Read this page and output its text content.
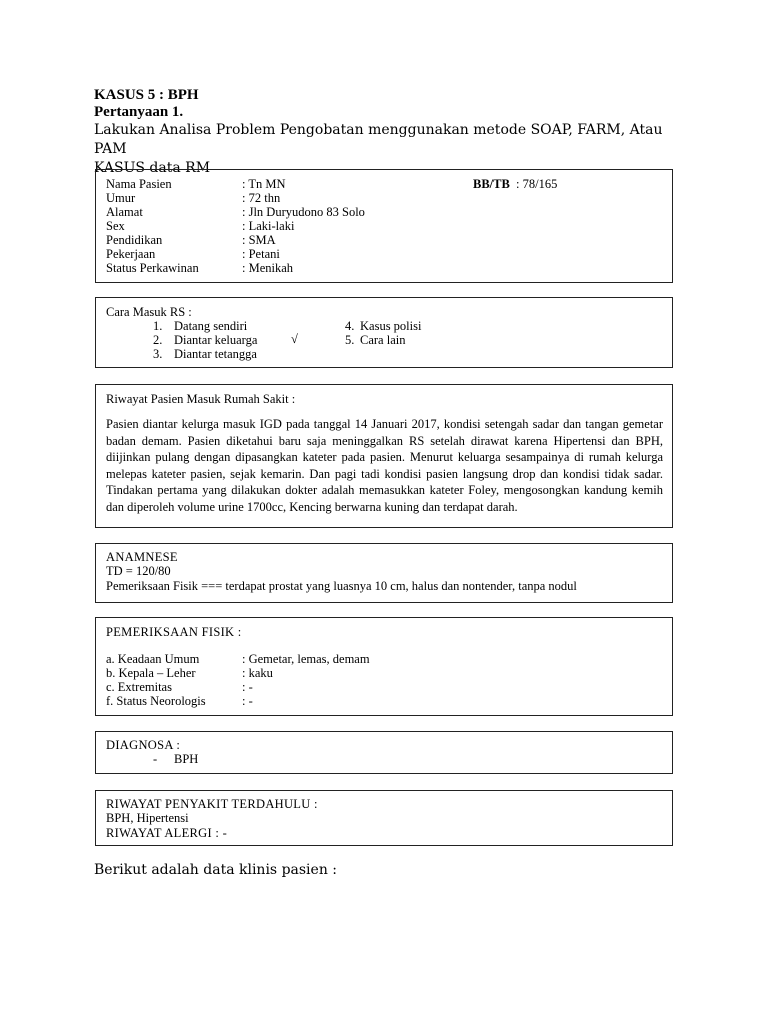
KASUS 5 : BPH
Pertanyaan 1.
Lakukan Analisa Problem Pengobatan menggunakan metode SOAP, FARM, Atau PAM
KASUS data RM
Nama Pasien	: Tn MN	BB/TB : 78/165
Umur	: 72 thn
Alamat	: Jln Duryudono 83 Solo
Sex	: Laki-laki
Pendidikan	: SMA
Pekerjaan	: Petani
Status Perkawinan	: Menikah
Cara Masuk RS :
1. Datang sendiri
2. Diantar keluarga	√
3. Diantar tetangga
4. Kasus polisi
5. Cara lain
Riwayat Pasien Masuk Rumah Sakit :
Pasien diantar kelurga masuk IGD pada tanggal 14 Januari 2017, kondisi setengah sadar dan tangan gemetar badan demam. Pasien diketahui baru saja meninggalkan RS setelah dirawat karena Hipertensi dan BPH, diijinkan pulang dengan dipasangkan kateter pada pasien. Menurut keluarga sesampainya di rumah kelurga melepas kateter pasien, sejak kemarin. Dan pagi tadi kondisi pasien langsung drop dan kondisi tidak sadar. Tindakan pertama yang dilakukan dokter adalah memasukkan kateter Foley, mengosongkan kandung kemih dan diperoleh volume urine 1700cc, Kencing berwarna kuning dan terdapat darah.
ANAMNESE
TD = 120/80
Pemeriksaan Fisik === terdapat prostat yang luasnya 10 cm, halus dan nontender, tanpa nodul
PEMERIKSAAN FISIK :
a. Keadaan Umum	: Gemetar, lemas, demam
b. Kepala – Leher	: kaku
c. Extremitas	: -
f. Status Neorologis	: -
DIAGNOSA :
- BPH
RIWAYAT PENYAKIT TERDAHULU :
BPH, Hipertensi
RIWAYAT ALERGI : -
Berikut adalah data klinis pasien :
